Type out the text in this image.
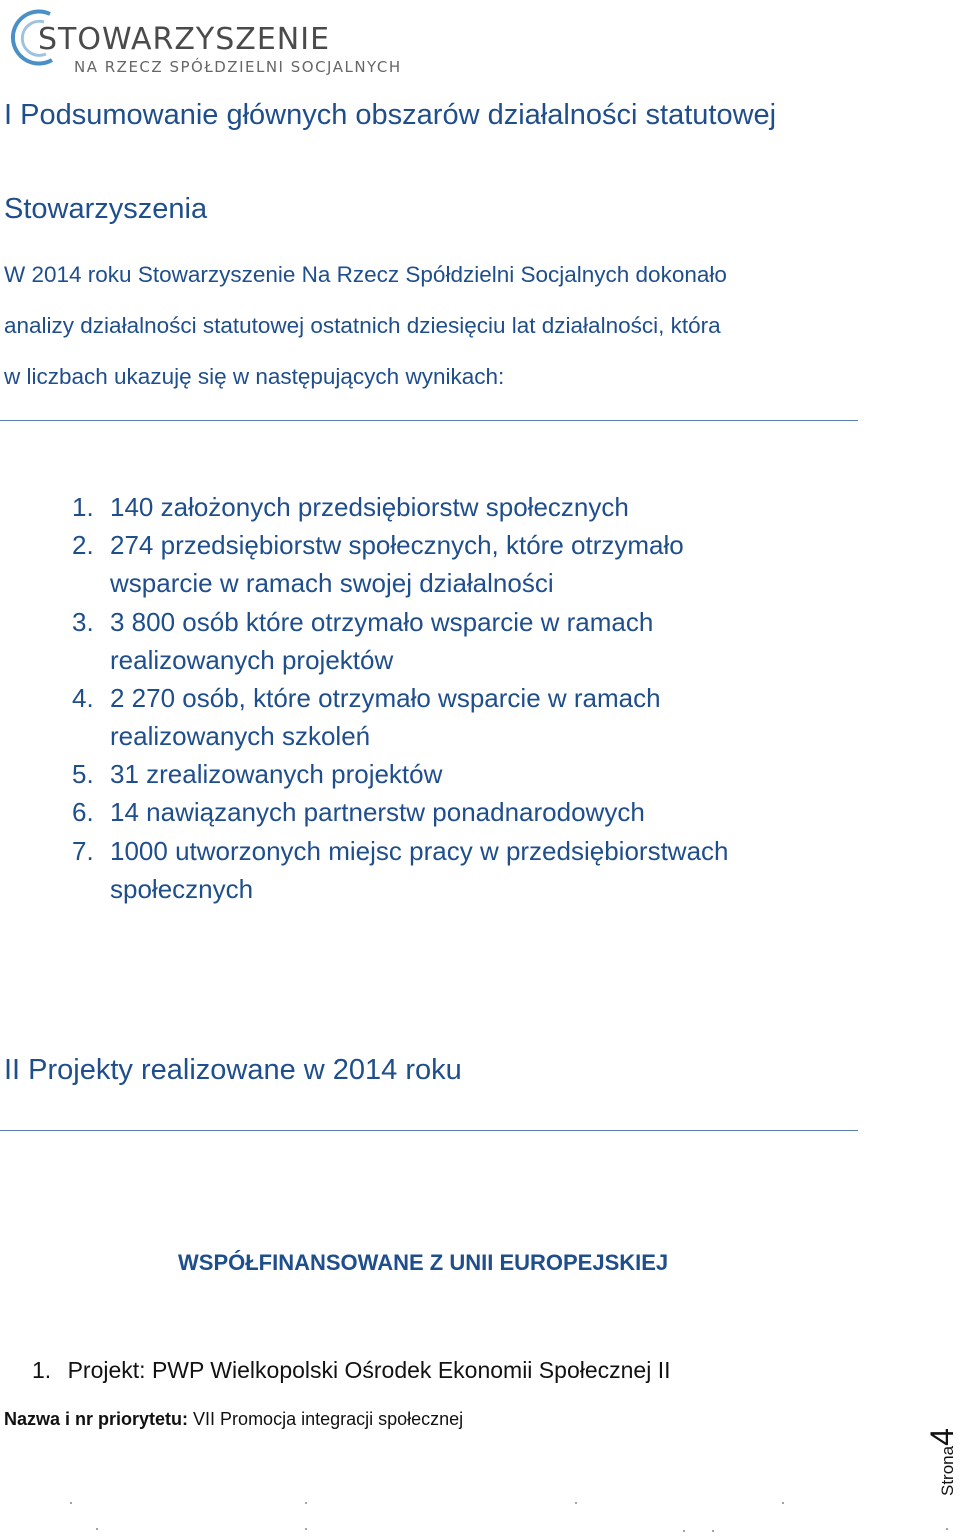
STOWARZYSZENIE
NA RZECZ SPÓŁDZIELNI SOCJALNYCH
I Podsumowanie głównych obszarów działalności statutowej
Stowarzyszenia

W 2014 roku Stowarzyszenie Na Rzecz Spółdzielni Socjalnych dokonało

analizy działalności statutowej ostatnich dziesięciu lat działalności, która

w liczbach ukazuję się w następujących wynikach:

1. 140 założonych przedsiębiorstw społecznych
2. 274 przedsiębiorstw społecznych, które otrzymało
wsparcie w ramach swojej działalności
3. 3 800 osób które otrzymało wsparcie w ramach
realizowanych projektów
4. 2 270 osób, które otrzymało wsparcie w ramach
realizowanych szkoleń
5. 31 zrealizowanych projektów
6. 14 nawiązanych partnerstw ponadnarodowych
7. 1000 utworzonych miejsc pracy w przedsiębiorstwach
społecznych
II Projekty realizowane w 2014 roku
WSPÓŁFINANSOWANE Z UNII EUROPEJSKIEJ
1. Projekt: PWP Wielkopolski Ośrodek Ekonomii Społecznej II
Nazwa i nr priorytetu: VII Promocja integracji społecznej
Strona4
